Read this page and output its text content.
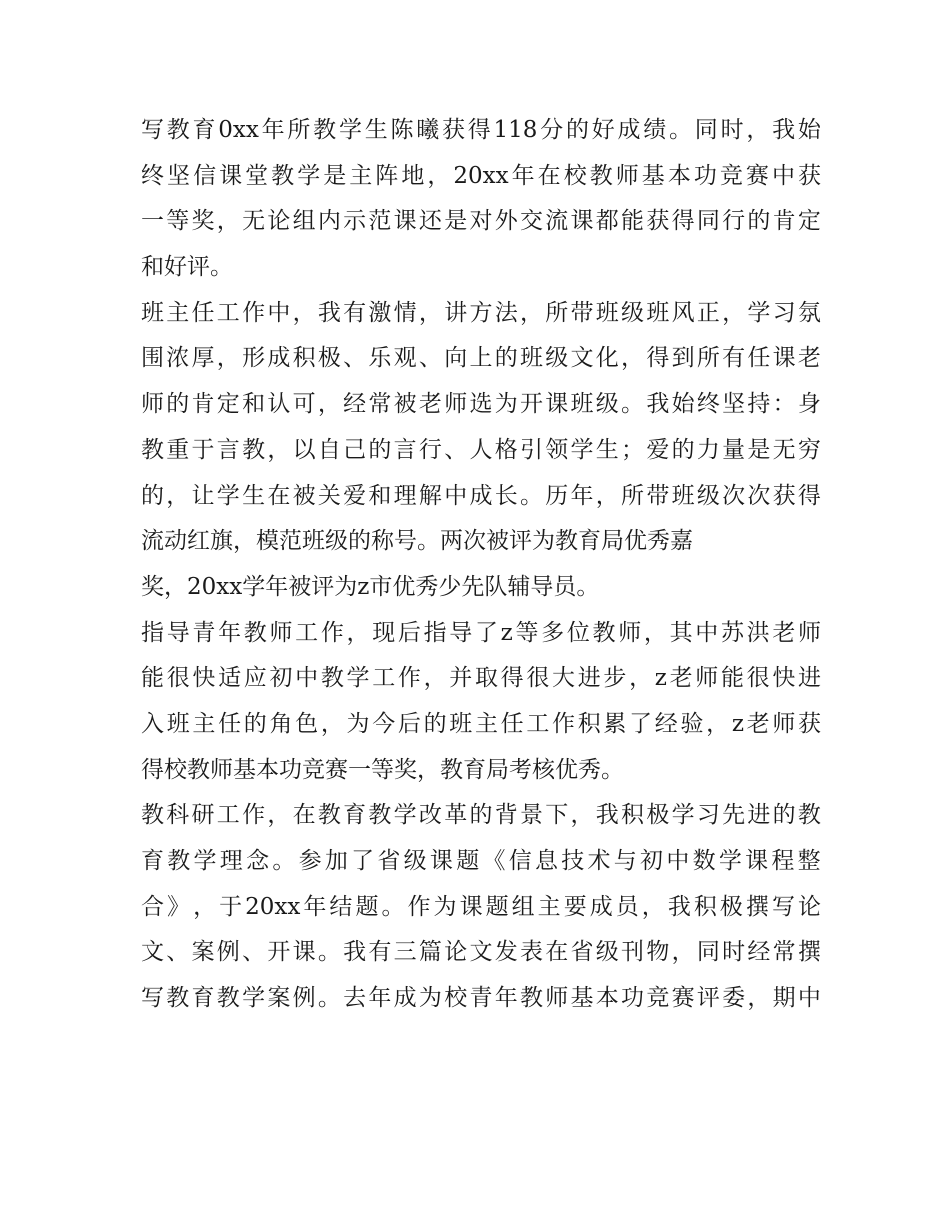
写 教 育 0xx 年 所 教 学 生 陈 曦 获 得 118 分 的 好 成 绩 。 同 时 ， 我 始
终 坚 信 课 堂 教 学 是 主 阵 地 ， 20xx 年 在 校 教 师 基 本 功 竞 赛 中 获
一 等 奖 ， 无 论 组 内 示 范 课 还 是 对 外 交 流 课 都 能 获 得 同 行 的 肯 定
和好评。
班 主 任 工 作 中 ， 我 有 激 情 ， 讲 方 法 ， 所 带 班 级 班 风 正 ， 学 习 氛
围 浓 厚 ， 形 成 积 极 、 乐 观 、 向 上 的 班 级 文 化 ， 得 到 所 有 任 课 老
师 的 肯 定 和 认 可 ， 经 常 被 老 师 选 为 开 课 班 级 。 我 始 终 坚 持 ： 身
教 重 于 言 教 ， 以 自 己 的 言 行 、 人 格 引 领 学 生 ； 爱 的 力 量 是 无 穷
的 ， 让 学 生 在 被 关 爱 和 理 解 中 成 长 。 历 年 ， 所 带 班 级 次 次 获 得
流动红旗，模范班级的称号。两次被评为教育局优秀嘉
奖，20xx学年被评为z市优秀少先队辅导员。
指 导 青 年 教 师 工 作 ， 现 后 指 导 了 z 等 多 位 教 师 ， 其 中 苏 洪 老 师
能 很 快 适 应 初 中 教 学 工 作 ， 并 取 得 很 大 进 步 ， z 老 师 能 很 快 进
入 班 主 任 的 角 色 ， 为 今 后 的 班 主 任 工 作 积 累 了 经 验 ， z 老 师 获
得校教师基本功竞赛一等奖，教育局考核优秀。
教 科 研 工 作 ， 在 教 育 教 学 改 革 的 背 景 下 ， 我 积 极 学 习 先 进 的 教
育 教 学 理 念 。 参 加 了 省 级 课 题 《 信 息 技 术 与 初 中 数 学 课 程 整
合 》 ， 于 20xx 年 结 题 。 作 为 课 题 组 主 要 成 员 ， 我 积 极 撰 写 论
文 、 案 例 、 开 课 。 我 有 三 篇 论 文 发 表 在 省 级 刊 物 ， 同 时 经 常 撰
写 教 育 教 学 案 例 。 去 年 成 为 校 青 年 教 师 基 本 功 竞 赛 评 委 ， 期 中
